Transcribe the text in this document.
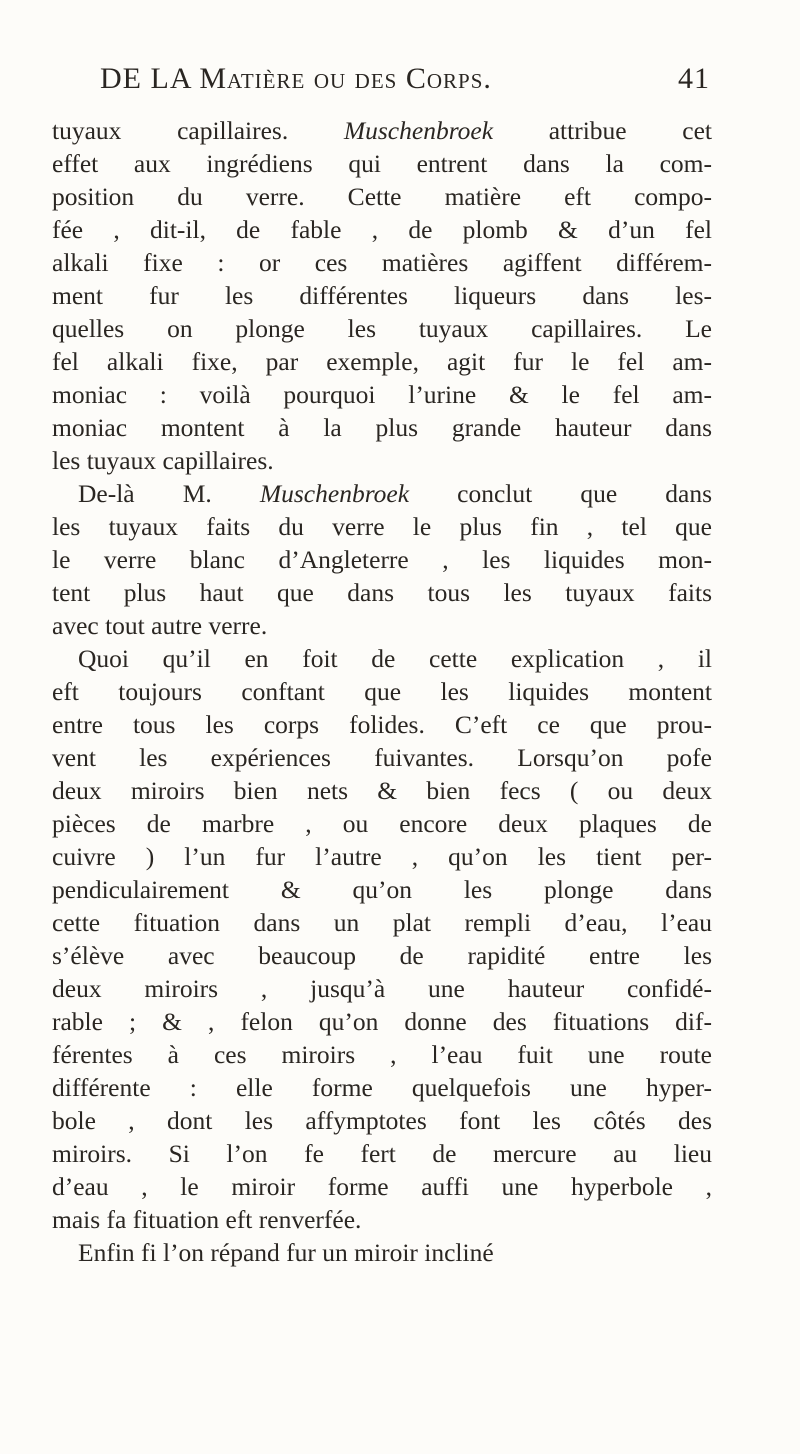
DE LA Matière ou des Corps.	41
tuyaux capillaires. Muschenbroek attribue cet
effet aux ingrédiens qui entrent dans la com-
position du verre. Cette matière eft compo-
fée , dit-il, de fable , de plomb & d’un fel
alkali fixe : or ces matières agiffent différem-
ment fur les différentes liqueurs dans les-
quelles on plonge les tuyaux capillaires. Le
fel alkali fixe, par exemple, agit fur le fel am-
moniac : voilà pourquoi l’urine & le fel am-
moniac montent à la plus grande hauteur dans
les tuyaux capillaires.
De-là M. Muschenbroek conclut que dans
les tuyaux faits du verre le plus fin , tel que
le verre blanc d’Angleterre , les liquides mon-
tent plus haut que dans tous les tuyaux faits
avec tout autre verre.
Quoi qu’il en foit de cette explication , il
eft toujours conftant que les liquides montent
entre tous les corps folides. C’eft ce que prou-
vent les expériences fuivantes. Lorsqu’on pofe
deux miroirs bien nets & bien fecs ( ou deux
pièces de marbre , ou encore deux plaques de
cuivre ) l’un fur l’autre , qu’on les tient per-
pendiculairement & qu’on les plonge dans
cette fituation dans un plat rempli d’eau, l’eau
s’élève avec beaucoup de rapidité entre les
deux miroirs , jusqu’à une hauteur confidé-
rable ; & , felon qu’on donne des fituations dif-
férentes à ces miroirs , l’eau fuit une route
différente : elle forme quelquefois une hyper-
bole , dont les affymptotes font les côtés des
miroirs. Si l’on fe fert de mercure au lieu
d’eau , le miroir forme auffi une hyperbole ,
mais fa fituation eft renverfée.
Enfin fi l’on répand fur un miroir incliné
